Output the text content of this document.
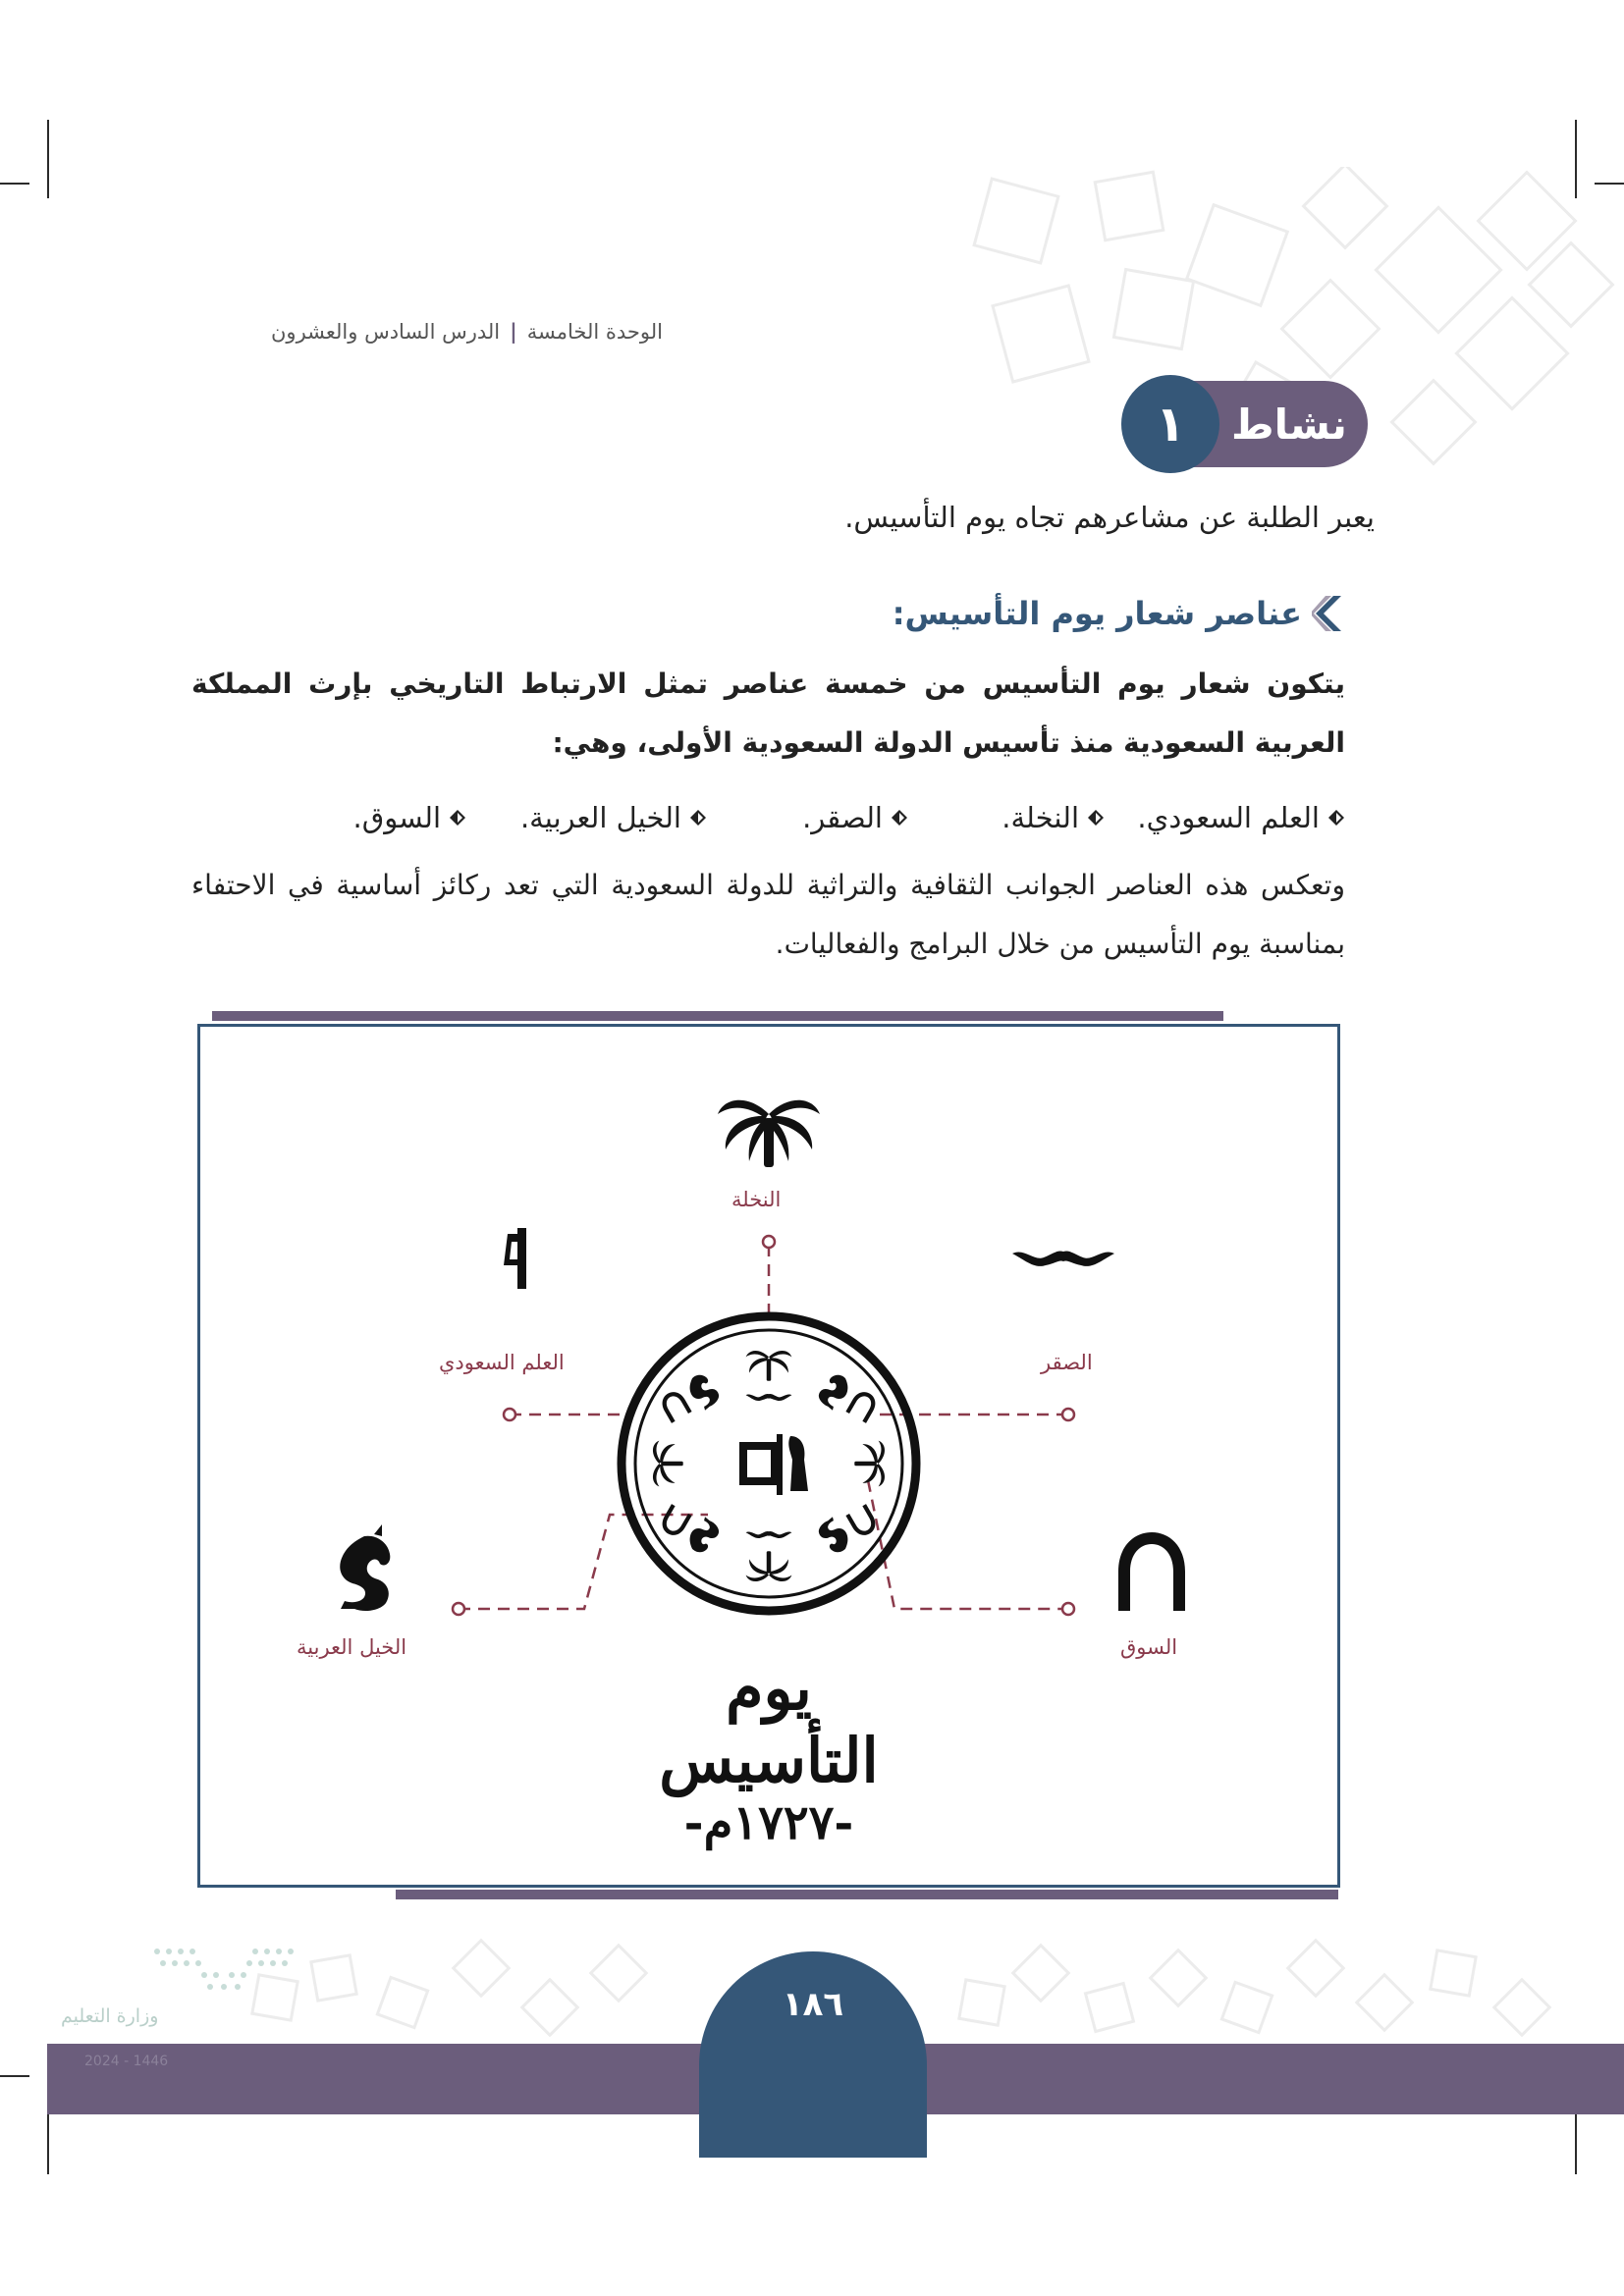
الوحدة الخامسة|الدرس السادس والعشرون
نشاط
١
يعبر الطلبة عن مشاعرهم تجاه يوم التأسيس.
عناصر شعار يوم التأسيس:
يتكون شعار يوم التأسيس من خمسة عناصر تمثل الارتباط التاريخي بإرث المملكة العربية السعودية منذ تأسيس الدولة السعودية الأولى، وهي:
العلم السعودي.
النخلة.
الصقر.
الخيل العربية.
السوق.
وتعكس هذه العناصر الجوانب الثقافية والتراثية للدولة السعودية التي تعد ركائز أساسية في الاحتفاء بمناسبة يوم التأسيس من خلال البرامج والفعاليات.
يوم
التأسيس
-١٧٢٧م-
النخلة
العلم السعودي	الصقر
الخيل العربية	السوق
وزارة التعليم	١٨٦
2024 - 1446
